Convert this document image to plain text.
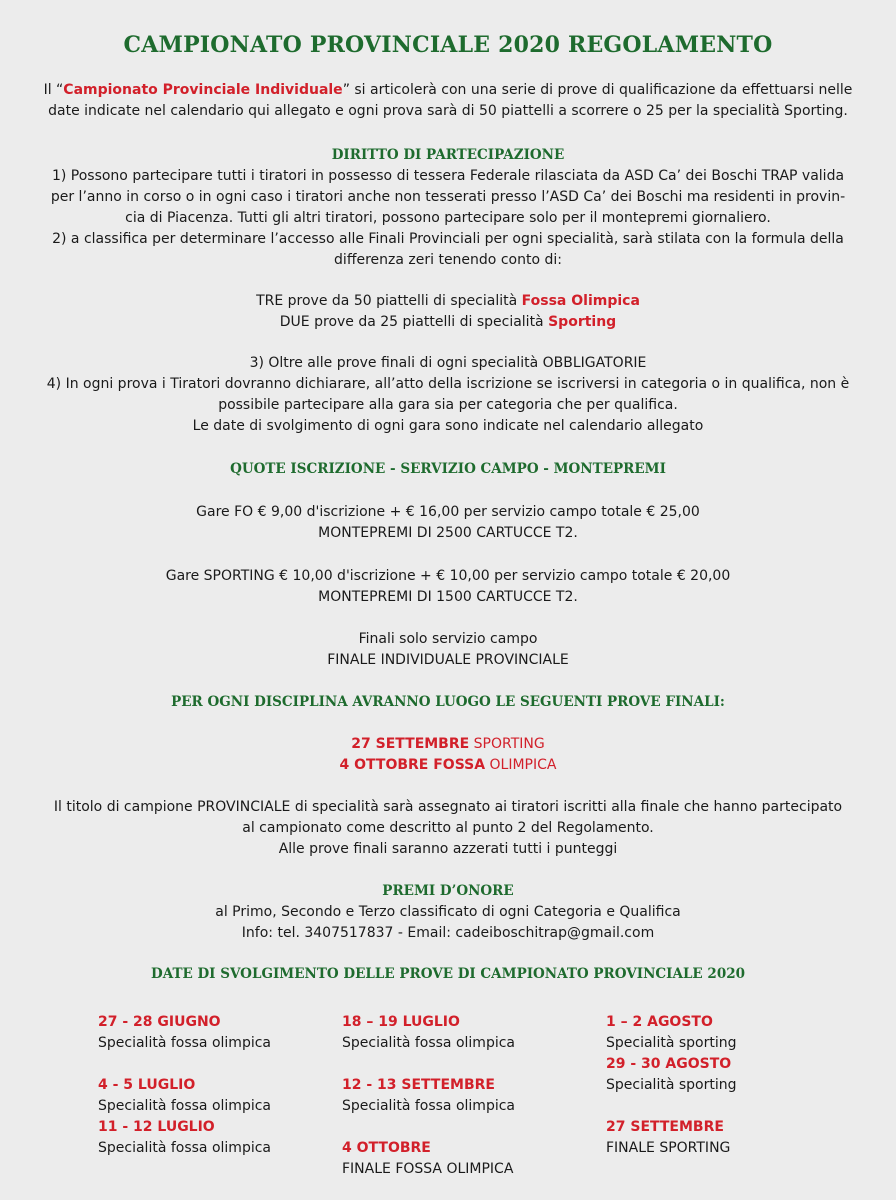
CAMPIONATO PROVINCIALE 2020 REGOLAMENTO
Il “Campionato Provinciale Individuale” si articolerà con una serie di prove di qualificazione da effettuarsi nelle
date indicate nel calendario qui allegato e ogni prova sarà di 50 piattelli a scorrere o 25 per la specialità Sporting.
DIRITTO DI PARTECIPAZIONE
1) Possono partecipare tutti i tiratori in possesso di tessera Federale rilasciata da ASD Ca’ dei Boschi TRAP valida
per l’anno in corso o in ogni caso i tiratori anche non tesserati presso l’ASD Ca’ dei Boschi ma residenti in provin-
cia di Piacenza. Tutti gli altri tiratori, possono partecipare solo per il montepremi giornaliero.
2) a classifica per determinare l’accesso alle Finali Provinciali per ogni specialità, sarà stilata con la formula della
differenza zeri tenendo conto di:
TRE prove da 50 piattelli di specialità Fossa Olimpica
DUE prove da 25 piattelli di specialità Sporting
3) Oltre alle prove finali di ogni specialità OBBLIGATORIE
4) In ogni prova i Tiratori dovranno dichiarare, all’atto della iscrizione se iscriversi in categoria o in qualifica, non è
possibile partecipare alla gara sia per categoria che per qualifica.
Le date di svolgimento di ogni gara sono indicate nel calendario allegato
QUOTE ISCRIZIONE - SERVIZIO CAMPO - MONTEPREMI
Gare FO € 9,00 d'iscrizione + € 16,00 per servizio campo totale € 25,00
MONTEPREMI DI 2500 CARTUCCE T2.
Gare SPORTING € 10,00 d'iscrizione + € 10,00 per servizio campo totale € 20,00
MONTEPREMI DI 1500 CARTUCCE T2.
Finali solo servizio campo
FINALE INDIVIDUALE PROVINCIALE
PER OGNI DISCIPLINA AVRANNO LUOGO LE SEGUENTI PROVE FINALI:
27 SETTEMBRE SPORTING
4 OTTOBRE FOSSA OLIMPICA
Il titolo di campione PROVINCIALE di specialità sarà assegnato ai tiratori iscritti alla finale che hanno partecipato
al campionato come descritto al punto 2 del Regolamento.
Alle prove finali saranno azzerati tutti i punteggi
PREMI D’ONORE
al Primo, Secondo e Terzo classificato di ogni Categoria e Qualifica
Info: tel. 3407517837 - Email: cadeiboschitrap@gmail.com
DATE DI SVOLGIMENTO DELLE PROVE DI CAMPIONATO PROVINCIALE 2020
27 - 28 GIUGNO
Specialità fossa olimpica
4 - 5 LUGLIO
Specialità fossa olimpica
11 - 12 LUGLIO
Specialità fossa olimpica
18 – 19 LUGLIO
Specialità fossa olimpica
12 - 13 SETTEMBRE
Specialità fossa olimpica
4 OTTOBRE
FINALE FOSSA OLIMPICA
1 – 2 AGOSTO
Specialità sporting
29 - 30 AGOSTO
Specialità sporting
27 SETTEMBRE
FINALE SPORTING
